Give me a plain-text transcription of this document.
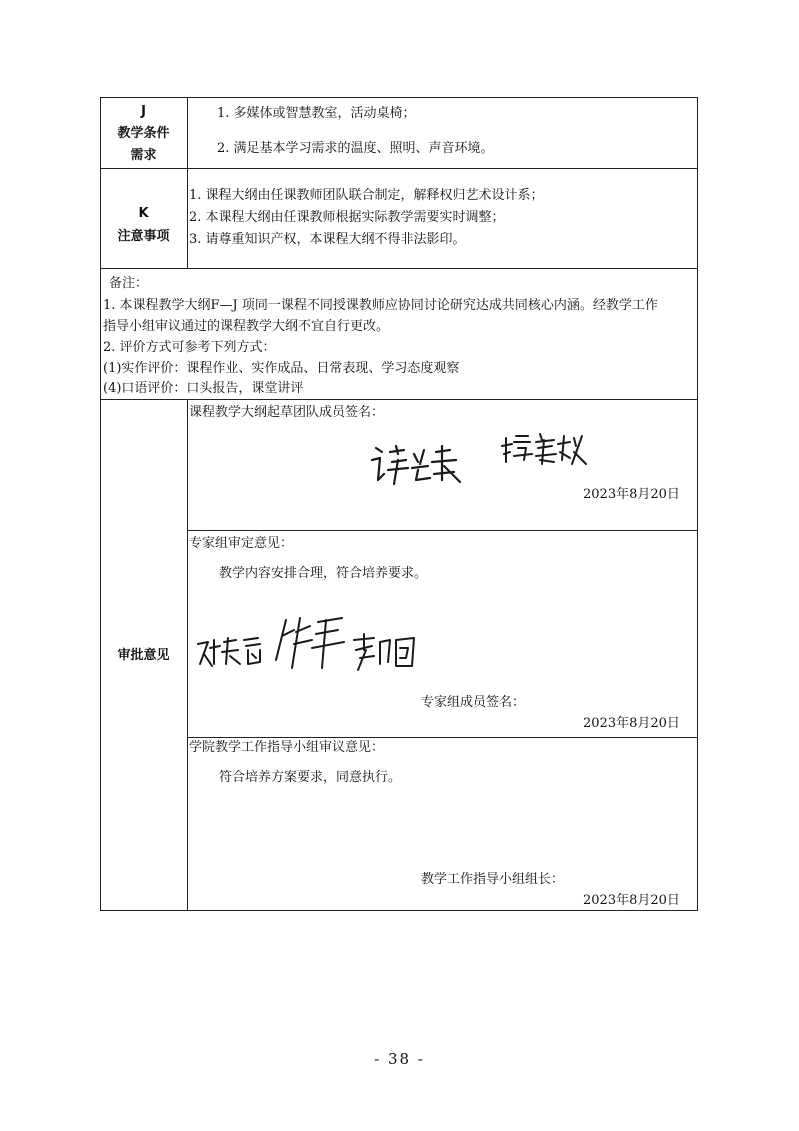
J
教学条件
需求
1. 多媒体或智慧教室，活动桌椅；
2. 满足基本学习需求的温度、照明、声音环境。
K
注意事项
1. 课程大纲由任课教师团队联合制定，解释权归艺术设计系；
2. 本课程大纲由任课教师根据实际教学需要实时调整；
3. 请尊重知识产权，本课程大纲不得非法影印。
备注：
1. 本课程教学大纲F—J 项同一课程不同授课教师应协同讨论研究达成共同核心内涵。经教学工作
指导小组审议通过的课程教学大纲不宜自行更改。
2. 评价方式可参考下列方式：
(1)实作评价：课程作业、实作成品、日常表现、学习态度观察
(4)口语评价：口头报告，课堂讲评
审批意见
课程教学大纲起草团队成员签名：
2023年8月20日
专家组审定意见：
教学内容安排合理，符合培养要求。
专家组成员签名：
2023年8月20日
学院教学工作指导小组审议意见：
符合培养方案要求，同意执行。
教学工作指导小组组长：
2023年8月20日
- 38 -
